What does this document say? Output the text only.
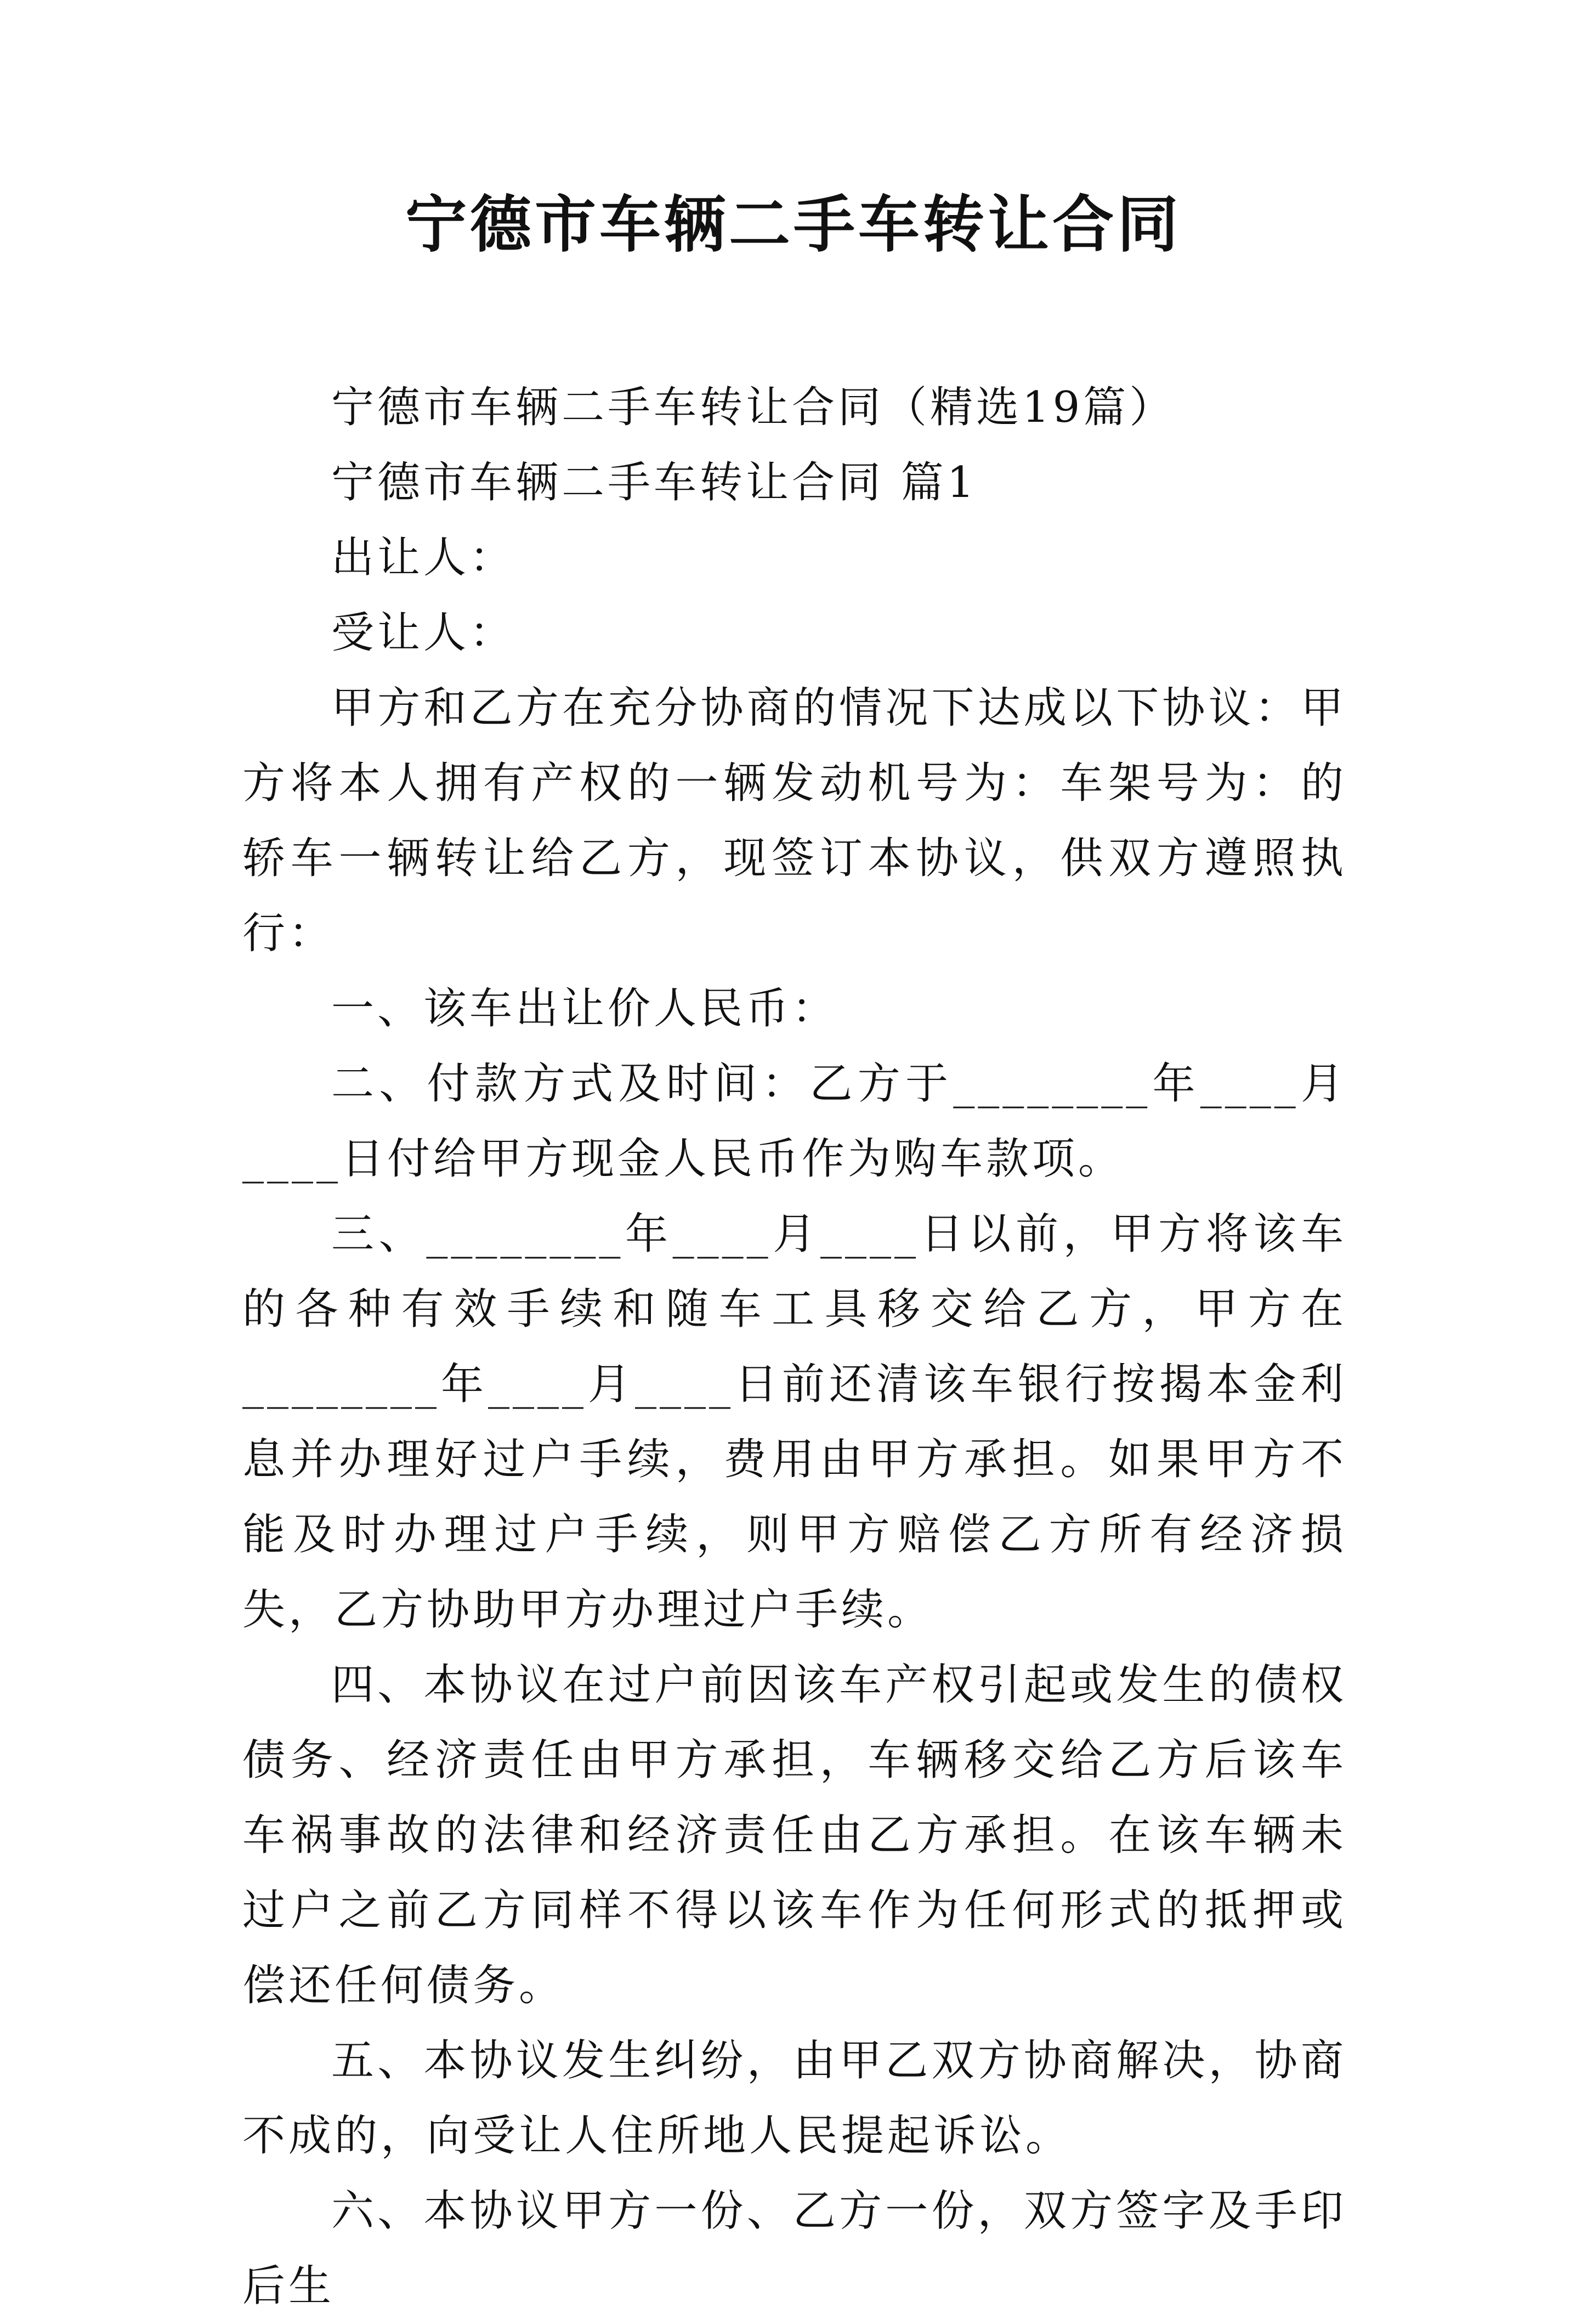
宁德市车辆二手车转让合同

宁德市车辆二手车转让合同（精选19篇）

宁德市车辆二手车转让合同 篇1

出让人：

受让人：

甲方和乙方在充分协商的情况下达成以下协议：甲方将本人拥有产权的一辆发动机号为：车架号为：的轿车一辆转让给乙方，现签订本协议，供双方遵照执行：

一、该车出让价人民币：

二、付款方式及时间：乙方于________年____月____日付给甲方现金人民币作为购车款项。

三、________年____月____日以前，甲方将该车的各种有效手续和随车工具移交给乙方，甲方在________年____月____日前还清该车银行按揭本金利息并办理好过户手续，费用由甲方承担。如果甲方不能及时办理过户手续，则甲方赔偿乙方所有经济损失，乙方协助甲方办理过户手续。

四、本协议在过户前因该车产权引起或发生的债权债务、经济责任由甲方承担，车辆移交给乙方后该车车祸事故的法律和经济责任由乙方承担。在该车辆未过户之前乙方同样不得以该车作为任何形式的抵押或偿还任何债务。

五、本协议发生纠纷，由甲乙双方协商解决，协商不成的，向受让人住所地人民提起诉讼。

六、本协议甲方一份、乙方一份，双方签字及手印后生
